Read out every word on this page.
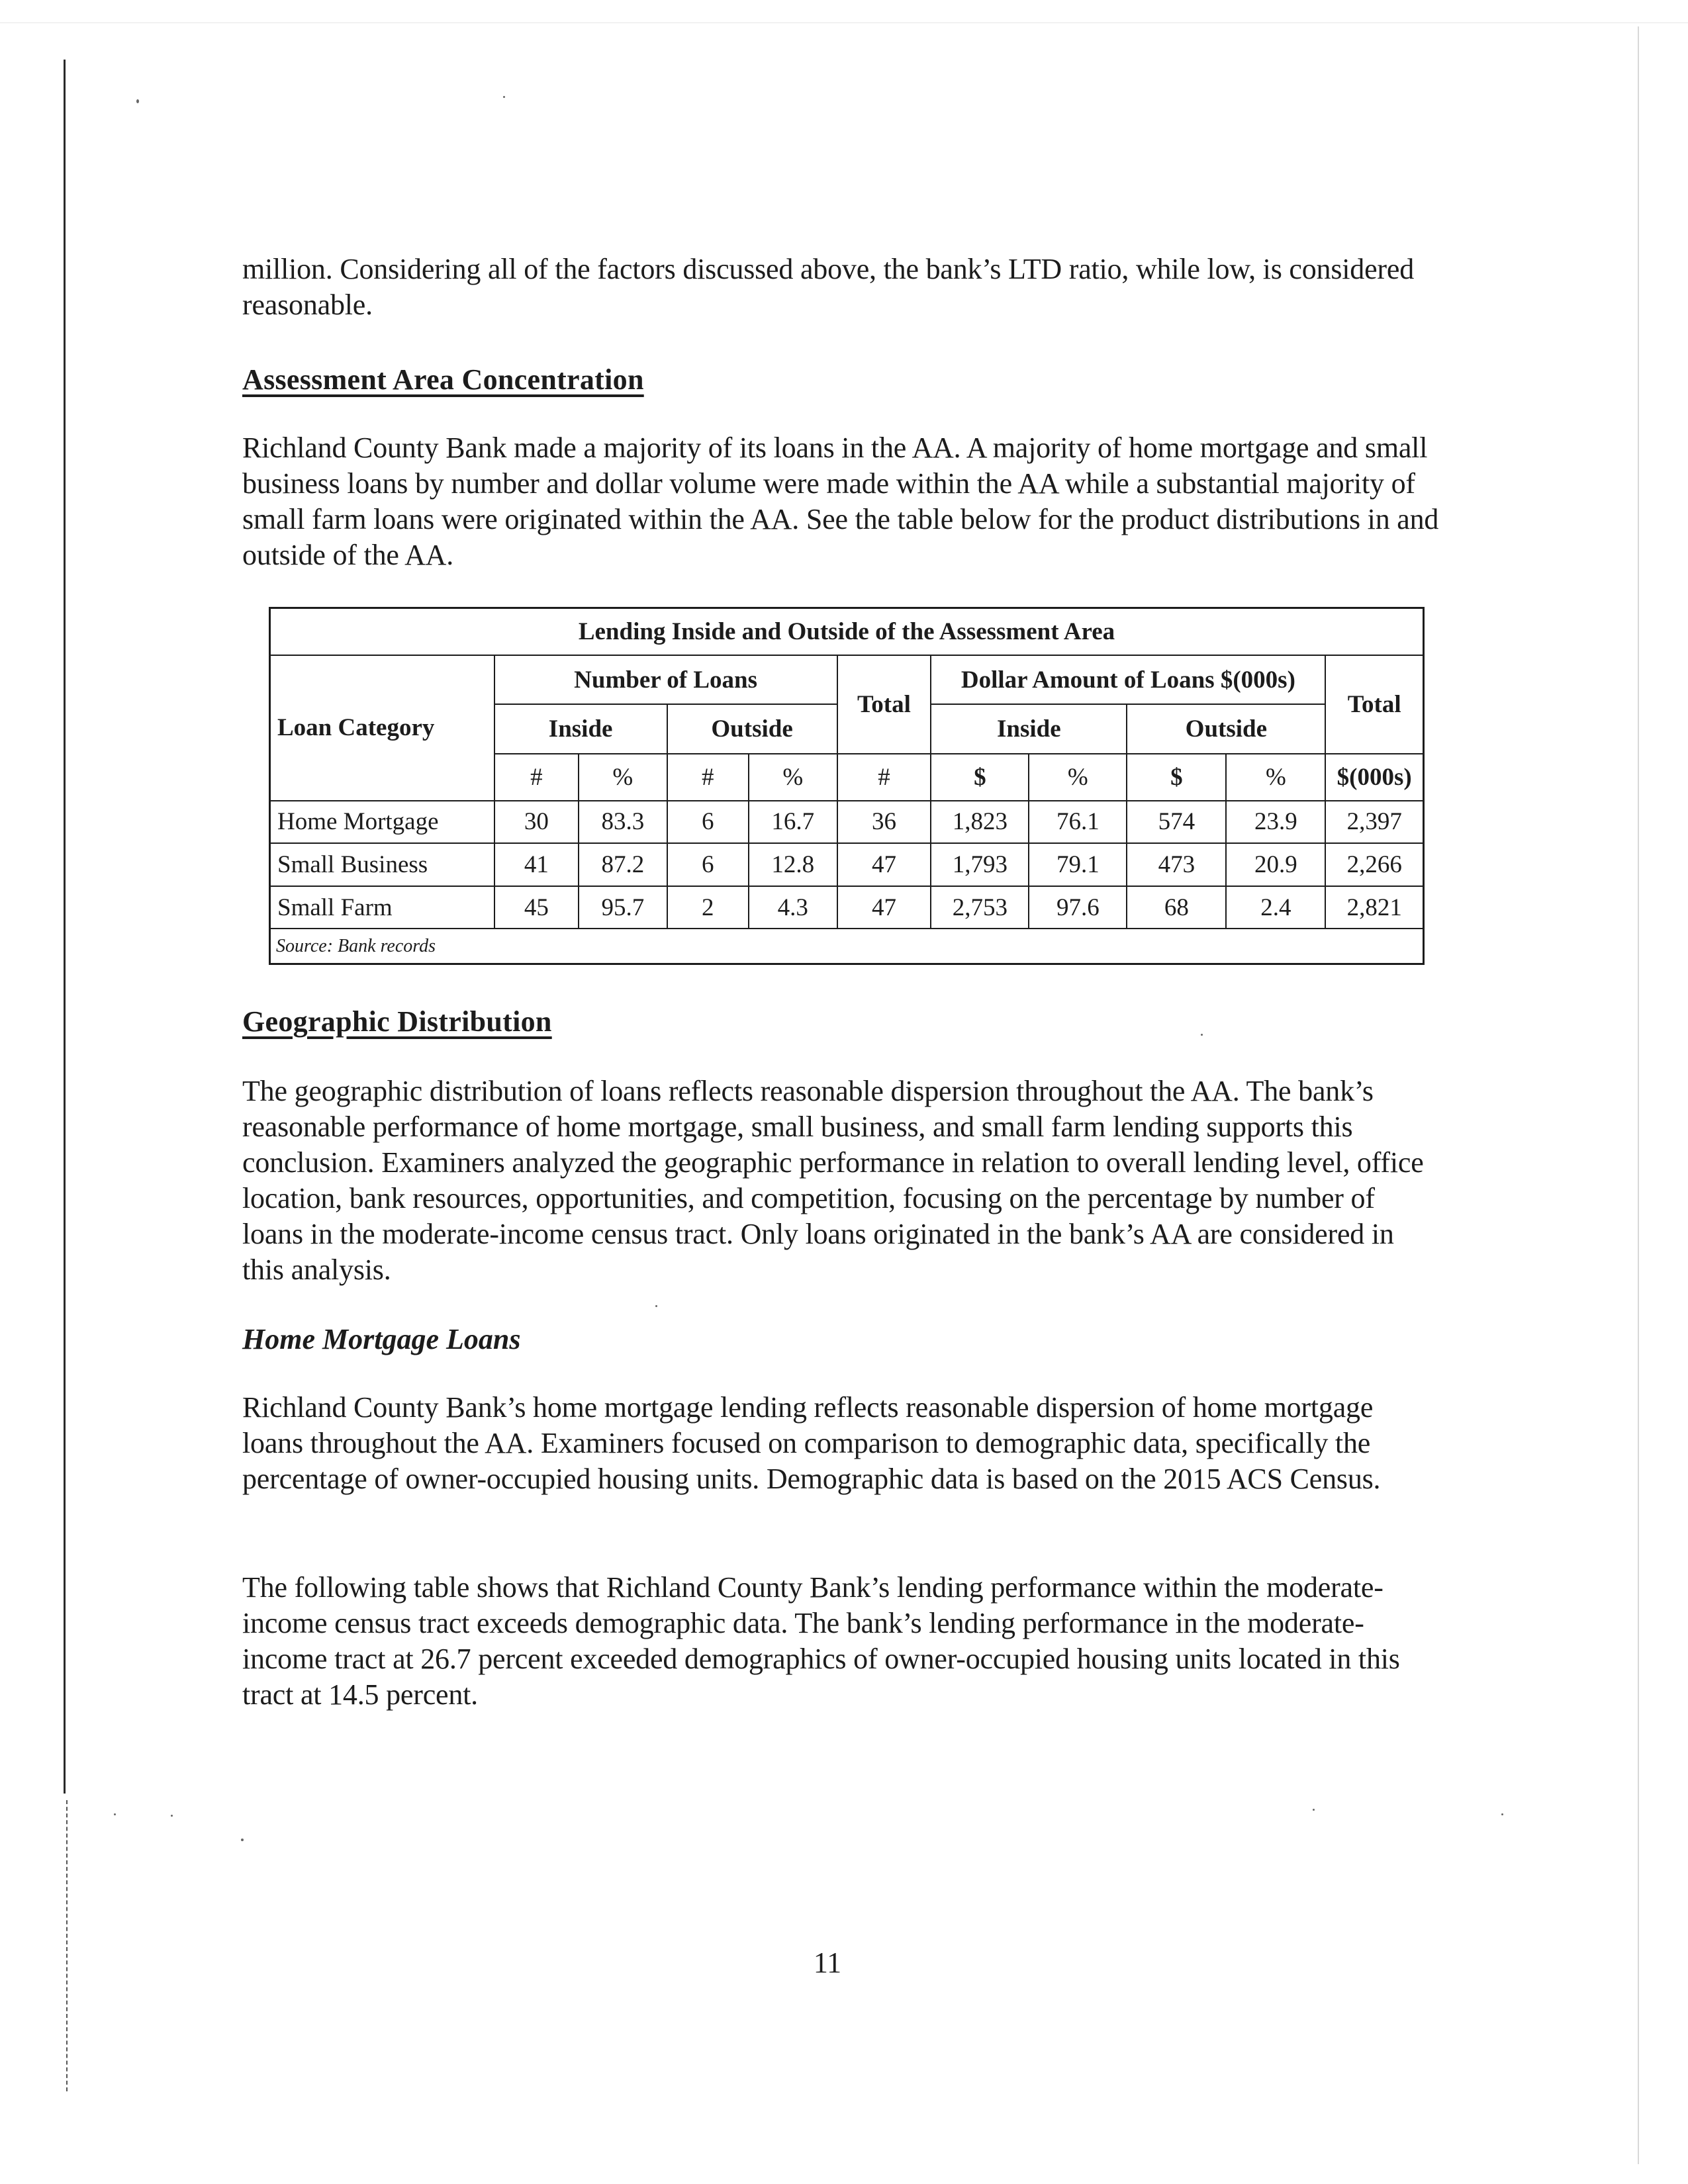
million. Considering all of the factors discussed above, the bank’s LTD ratio, while low, is considered reasonable.

Assessment Area Concentration

Richland County Bank made a majority of its loans in the AA. A majority of home mortgage and small business loans by number and dollar volume were made within the AA while a substantial majority of small farm loans were originated within the AA. See the table below for the product distributions in and outside of the AA.

Lending Inside and Outside of the Assessment Area										
Loan Category	Number of Loans				Total	Dollar Amount of Loans $(000s)				Total
	Inside		Outside			Inside		Outside		
	#	%	#	%	#	$	%	$	%	$(000s)
Home Mortgage	30	83.3	6	16.7	36	1,823	76.1	574	23.9	2,397
Small Business	41	87.2	6	12.8	47	1,793	79.1	473	20.9	2,266
Small Farm	45	95.7	2	4.3	47	2,753	97.6	68	2.4	2,821
Source: Bank records										
Geographic Distribution

The geographic distribution of loans reflects reasonable dispersion throughout the AA. The bank’s reasonable performance of home mortgage, small business, and small farm lending supports this conclusion. Examiners analyzed the geographic performance in relation to overall lending level, office location, bank resources, opportunities, and competition, focusing on the percentage by number of loans in the moderate-income census tract. Only loans originated in the bank’s AA are considered in this analysis.

Home Mortgage Loans

Richland County Bank’s home mortgage lending reflects reasonable dispersion of home mortgage loans throughout the AA. Examiners focused on comparison to demographic data, specifically the percentage of owner-occupied housing units. Demographic data is based on the 2015 ACS Census.

The following table shows that Richland County Bank’s lending performance within the moderate-income census tract exceeds demographic data. The bank’s lending performance in the moderate-income tract at 26.7 percent exceeded demographics of owner-occupied housing units located in this tract at 14.5 percent.

11
